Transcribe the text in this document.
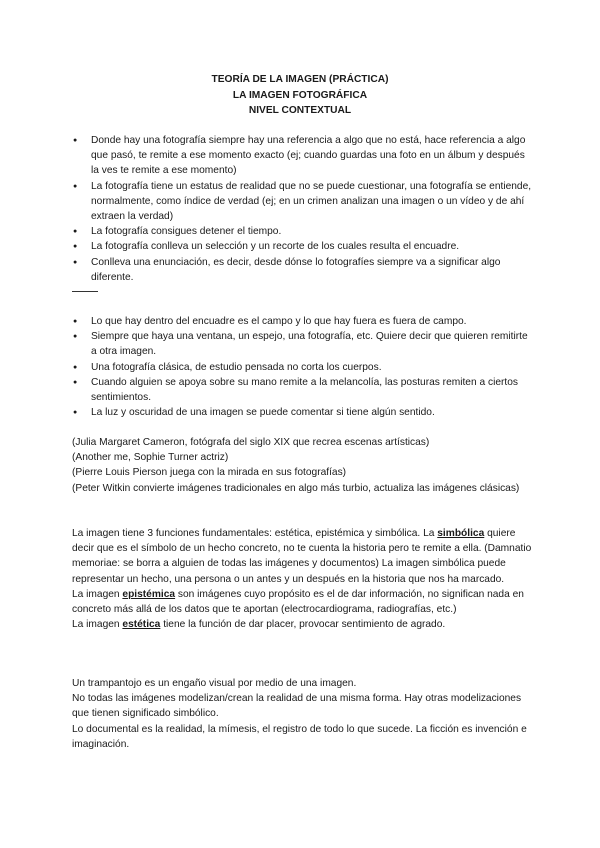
TEORÍA DE LA IMAGEN (PRÁCTICA)
LA IMAGEN FOTOGRÁFICA
NIVEL CONTEXTUAL
● Donde hay una fotografía siempre hay una referencia a algo que no está, hace referencia a algo que pasó, te remite a ese momento exacto (ej; cuando guardas una foto en un álbum y después la ves te remite a ese momento)
● La fotografía tiene un estatus de realidad que no se puede cuestionar, una fotografía se entiende, normalmente, como índice de verdad (ej; en un crimen analizan una imagen o un vídeo y de ahí extraen la verdad)
● La fotografía consigues detener el tiempo.
● La fotografía conlleva un selección y un recorte de los cuales resulta el encuadre.
● Conlleva una enunciación, es decir, desde dónse lo fotografíes siempre va a significar algo diferente.
● Lo que hay dentro del encuadre es el campo y lo que hay fuera es fuera de campo.
● Siempre que haya una ventana, un espejo, una fotografía, etc. Quiere decir que quieren remitirte a otra imagen.
● Una fotografía clásica, de estudio pensada no corta los cuerpos.
● Cuando alguien se apoya sobre su mano remite a la melancolía, las posturas remiten a ciertos sentimientos.
● La luz y oscuridad de una imagen se puede comentar si tiene algún sentido.
(Julia Margaret Cameron, fotógrafa del siglo XIX que recrea escenas artísticas)
(Another me, Sophie Turner actriz)
(Pierre Louis Pierson juega con la mirada en sus fotografías)
(Peter Witkin convierte imágenes tradicionales en algo más turbio, actualiza las imágenes clásicas)
La imagen tiene 3 funciones fundamentales: estética, epistémica y simbólica. La simbólica quiere decir que es el símbolo de un hecho concreto, no te cuenta la historia pero te remite a ella. (Damnatio memoriae: se borra a alguien de todas las imágenes y documentos) La imagen simbólica puede representar un hecho, una persona o un antes y un después en la historia que nos ha marcado.
La imagen epistémica son imágenes cuyo propósito es el de dar información, no significan nada en concreto más allá de los datos que te aportan (electrocardiograma, radiografías, etc.)
La imagen estética tiene la función de dar placer, provocar sentimiento de agrado.
Un trampantojo es un engaño visual por medio de una imagen.
No todas las imágenes modelizan/crean la realidad de una misma forma. Hay otras modelizaciones que tienen significado simbólico.
Lo documental es la realidad, la mímesis, el registro de todo lo que sucede. La ficción es invención e imaginación.
